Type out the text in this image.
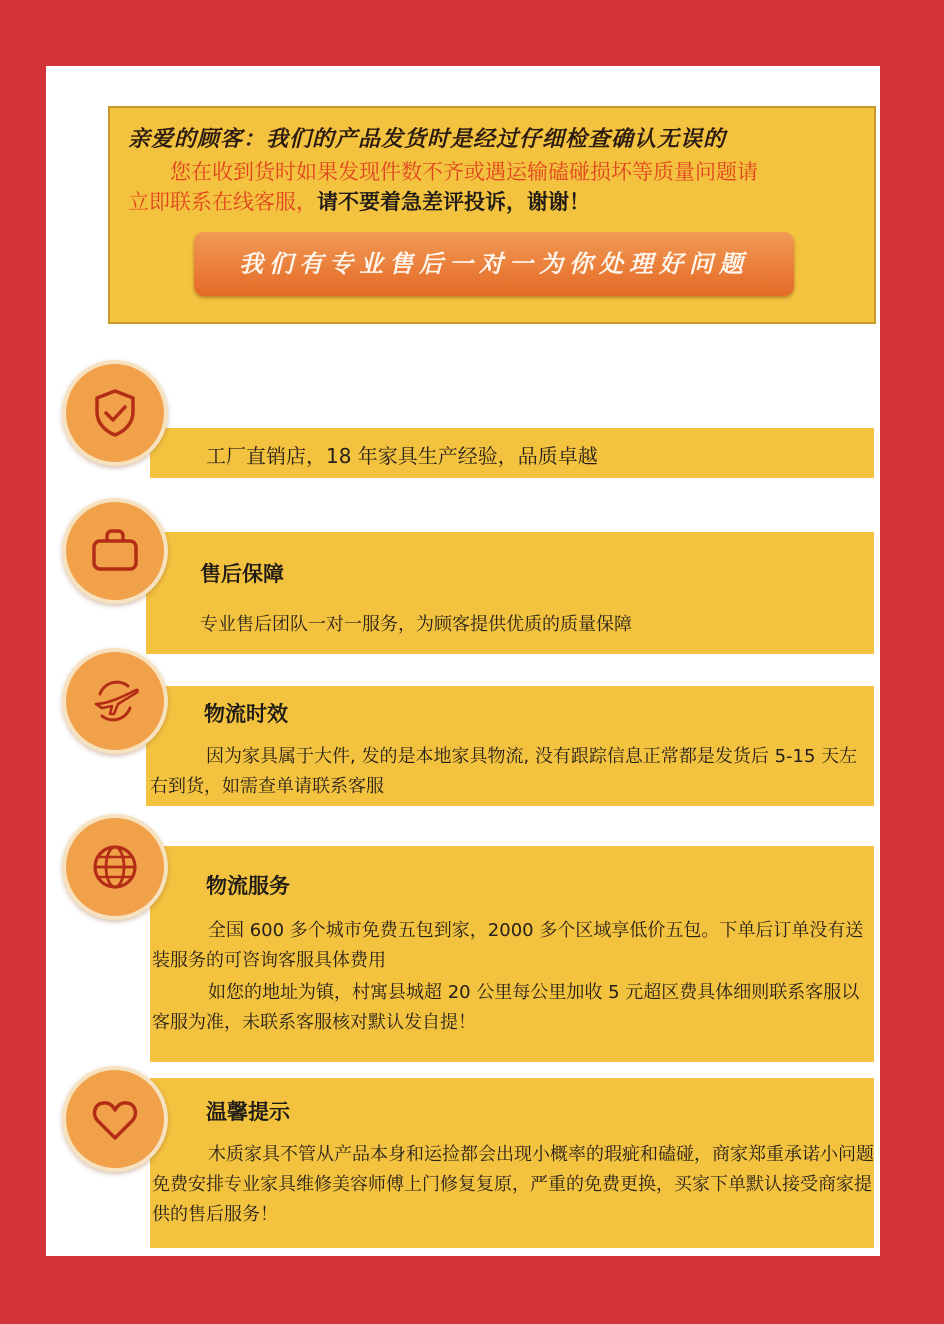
亲爱的顾客：我们的产品发货时是经过仔细检查确认无误的
您在收到货时如果发现件数不齐或遇运输磕碰损坏等质量问题请
立即联系在线客服，请不要着急差评投诉，谢谢！
我们有专业售后一对一为你处理好问题
工厂直销店，18 年家具生产经验，品质卓越
售后保障
专业售后团队一对一服务，为顾客提供优质的质量保障
物流时效
因为家具属于大件, 发的是本地家具物流, 没有跟踪信息正常都是发货后 5-15 天左右到货，如需查单请联系客服
物流服务
全国 600 多个城市免费五包到家，2000 多个区域享低价五包。下单后订单没有送装服务的可咨询客服具体费用
如您的地址为镇，村寓县城超 20 公里每公里加收 5 元超区费具体细则联系客服以客服为准，未联系客服核对默认发自提！
温馨提示
木质家具不管从产品本身和运捡都会出现小概率的瑕疵和磕碰，商家郑重承诺小问题免费安排专业家具维修美容师傅上门修复复原，严重的免费更换，买家下单默认接受商家提供的售后服务！
